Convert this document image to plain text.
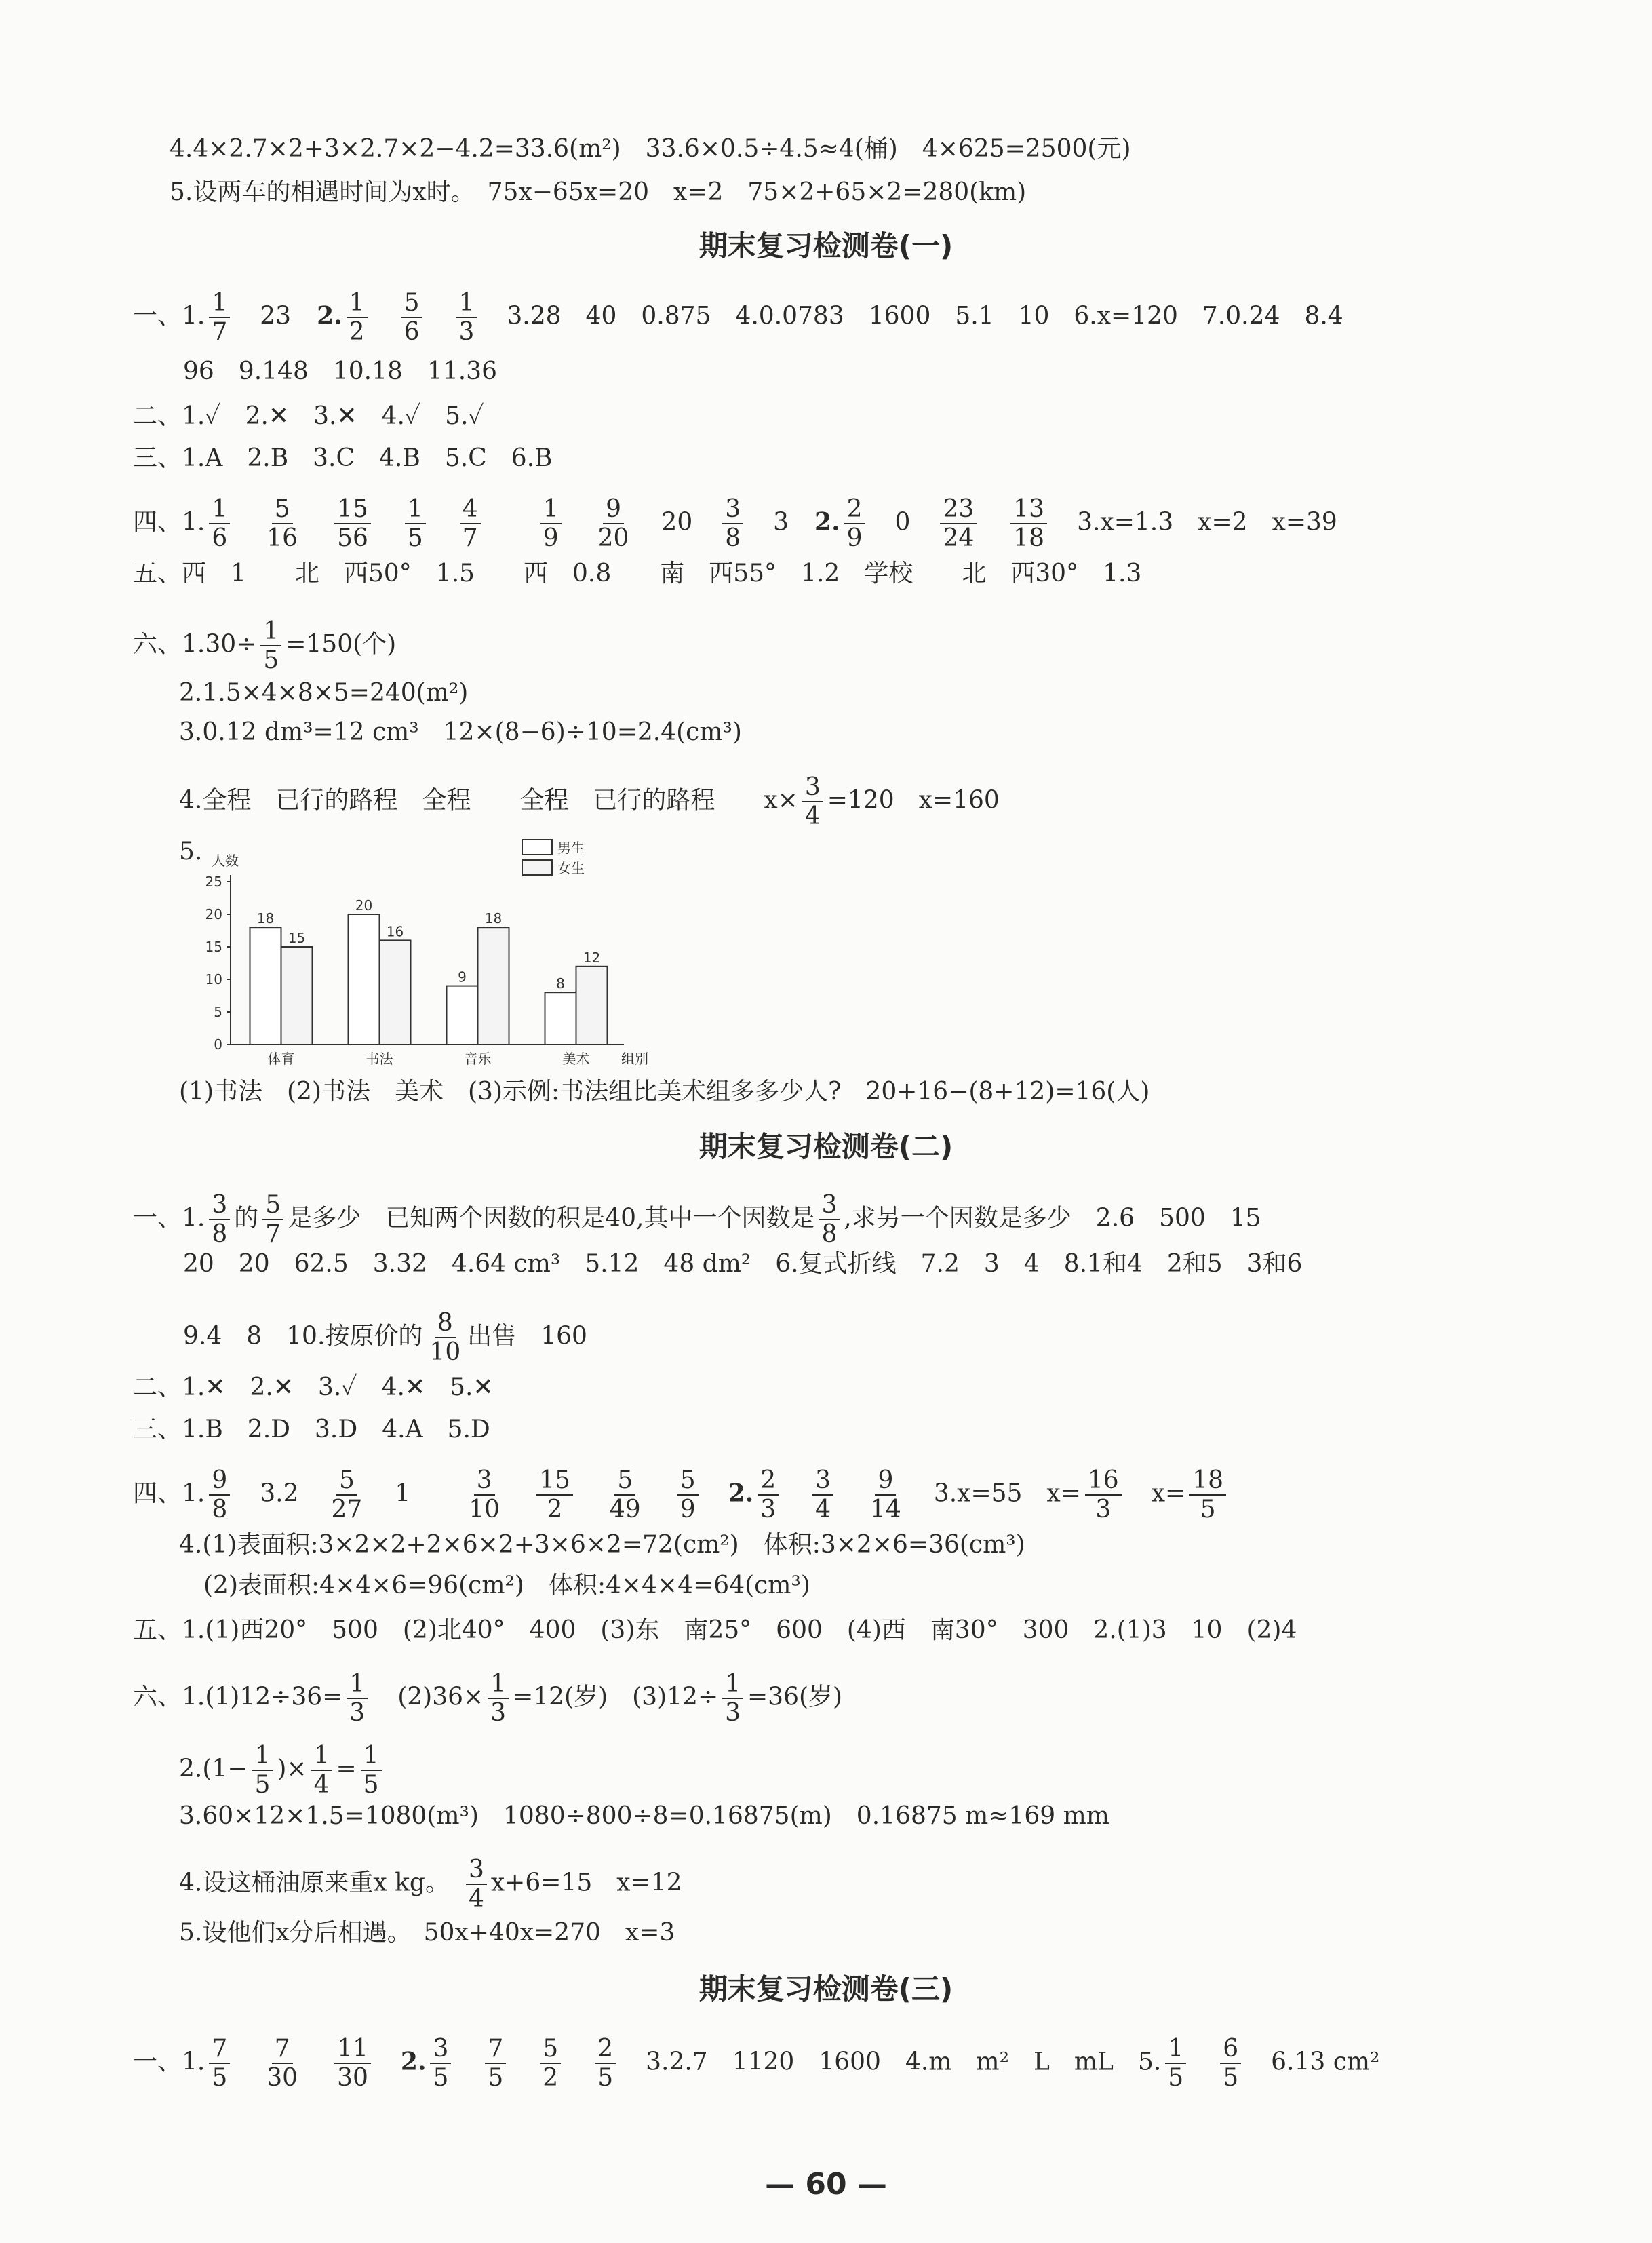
4.4×2.7×2+3×2.7×2−4.2=33.6(m²)　33.6×0.5÷4.5≈4(桶)　4×625=2500(元)
5.设两车的相遇时间为x时。　75x−65x=20　x=2　75×2+65×2=280(km)
期末复习检测卷(一)
一、1. $\frac{1}{7} 23$ 2. $\frac{1}{2} \frac{5}{6} \frac{1}{3} 3.28$　40　0.875　4.0.0783　1600　5.1　10　6.x=120　7.0.24　8.4
96　9.148　10.18　11.36
二、1.✓　2.✕　3.✕　4.✓　5.✓
三、1.A　2.B　3.C　4.B　5.C　6.B
四、1. $\frac{1}{6} \frac{5}{16} \frac{15}{56} \frac{1}{5} \frac{4}{7} \frac{1}{9} \frac{9}{20} 20 \frac{3}{8} 3$ 2. $\frac{2}{9} 0 \frac{23}{24} \frac{13}{18} 3.x=1.3$　x=2　x=39
五、西　1　　北　西50°　1.5　　西　0.8　　南　西55°　1.2　学校　　北　西30°　1.3
六、$1.30\div \frac{1}{5} =150$(个)
2.1.5×4×8×5=240(m²)
3.0.12 dm³=12 cm³　12×(8−6)÷10=2.4(cm³)
4.全程　已行的路程　全程　　全程　已行的路程　　$x\times \frac{3}{4} =120$　x=160
5. 人数
0
5
10
15
20
25
18
15
体育
20
16
书法
9
18
音乐
8
12
美术 组别
男生
女生
(1)书法　(2)书法　美术　(3)示例:书法组比美术组多多少人?　20+16−(8+12)=16(人)
期末复习检测卷(二)
一、1. $\frac{3}{8}$ 的 $\frac{5}{7}$ 是多少　已知两个因数的积是40,其中一个因数是 $\frac{3}{8}$ ,求另一个因数是多少　2.6　500　15
20　20　62.5　3.32　4.64 cm³　5.12　48 dm²　6.复式折线　7.2　3　4　8.1和4　2和5　3和6
9.4　8　10.按原价的 $\frac{8}{10}$ 出售　160
二、1.✕　2.✕　3.✓　4.✕　5.✕
三、1.B　2.D　3.D　4.A　5.D
四、1. $\frac{9}{8} 3.2 \frac{5}{27} 1 \frac{3}{10} \frac{15}{2} \frac{5}{49} \frac{5}{9} 2$. $\frac{2}{3} \frac{3}{4} \frac{9}{14} 3.x=55$　$x= \frac{16}{3} x= \frac{18}{5}$
4.(1)表面积:3×2×2+2×6×2+3×6×2=72(cm²)　体积:3×2×6=36(cm³)
(2)表面积:4×4×6=96(cm²)　体积:4×4×4=64(cm³)
五、1.(1)西20°　500　(2)北40°　400　(3)东　南25°　600　(4)西　南30°　300　2.(1)3　10　(2)4
六、$1.(1)12\div 36= \frac{1}{3} (2)36\times \frac{1}{3} =12$(岁)　$(3)12\div \frac{1}{3} =36$(岁)
$2.(1- \frac{1}{5}$ )× $\frac{1}{4} = \frac{1}{5}$
3.60×12×1.5=1080(m³)　1080÷800÷8=0.16875(m)　0.16875 m≈169 mm
4.设这桶油原来重x kg。　 $\frac{3}{4} x+6=15$　x=12
5.设他们x分后相遇。　50x+40x=270　x=3
期末复习检测卷(三)
一、1. $\frac{7}{5} \frac{7}{30} \frac{11}{30} 2$. $\frac{3}{5} \frac{7}{5} \frac{5}{2} \frac{2}{5} 3.2.7$　1120　1600　4.m　m²　L　mL　5. $\frac{1}{5} \frac{6}{5} 6.13$ cm²
— 60 —
